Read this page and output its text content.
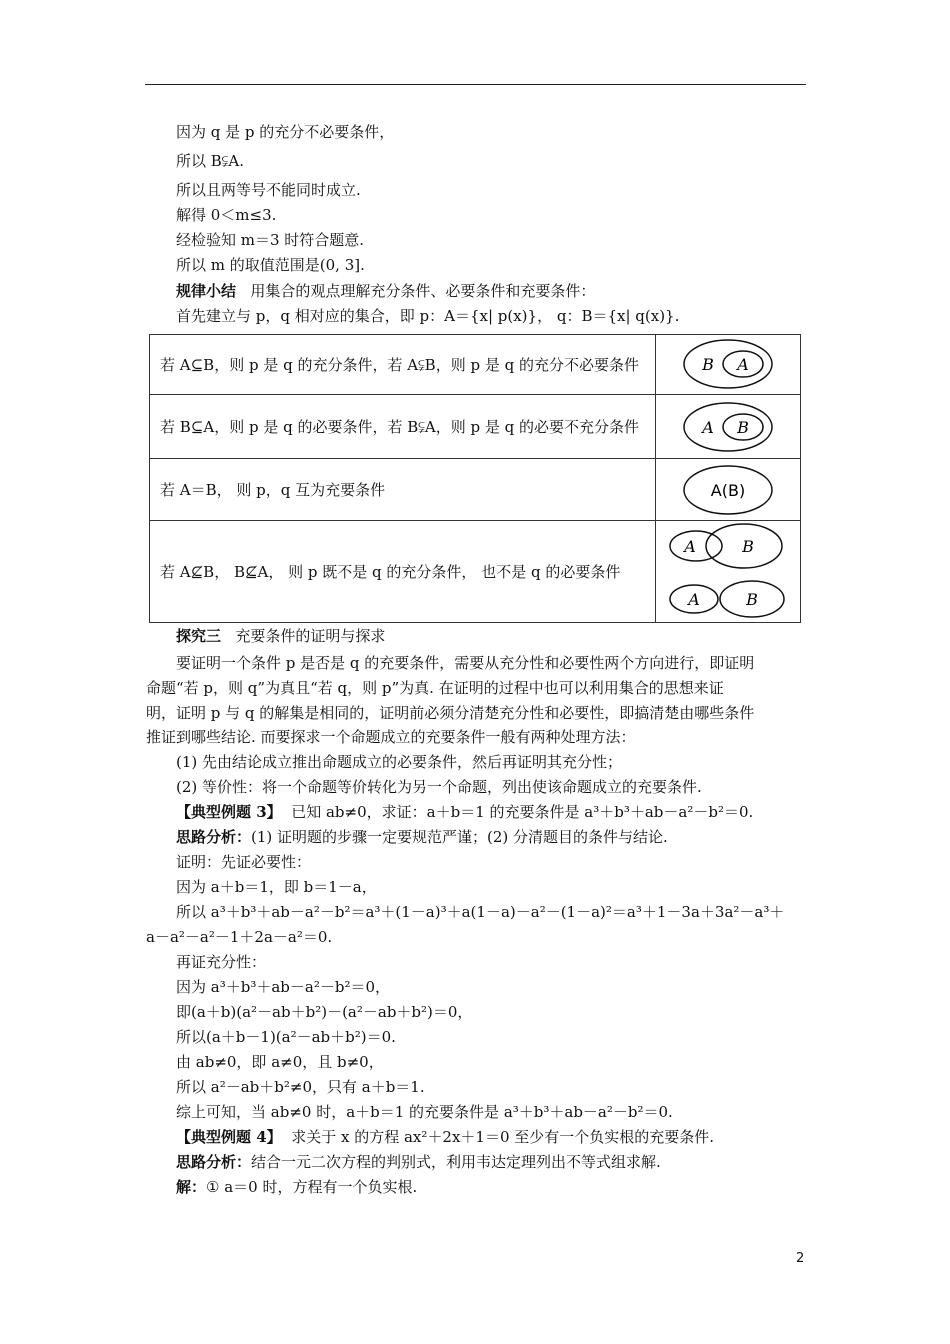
因为 q 是 p 的充分不必要条件，
所以 B⫋A.
所以且两等号不能同时成立.
解得 0＜m≤3.
经检验知 m＝3 时符合题意.
所以 m 的取值范围是(0, 3].
规律小结 用集合的观点理解充分条件、必要条件和充要条件：
首先建立与 p，q 相对应的集合，即 p：A＝{x| p(x)}， q：B＝{x| q(x)}.
若 A⊆B，则 p 是 q 的充分条件，若 A⫋B，则 p 是 q 的充分不必要条件	B A

若 B⊆A，则 p 是 q 的必要条件，若 B⫋A，则 p 是 q 的必要不充分条件	A B

若 A＝B， 则 p，q 互为充要条件	A(B)

若 A⊈B， B⊈A， 则 p 既不是 q 的充分条件， 也不是 q 的必要条件	A B
A B
探究三 充要条件的证明与探求
要证明一个条件 p 是否是 q 的充要条件，需要从充分性和必要性两个方向进行，即证明
命题“若 p，则 q”为真且“若 q，则 p”为真. 在证明的过程中也可以利用集合的思想来证
明，证明 p 与 q 的解集是相同的，证明前必须分清楚充分性和必要性，即搞清楚由哪些条件
推证到哪些结论. 而要探求一个命题成立的充要条件一般有两种处理方法：
(1) 先由结论成立推出命题成立的必要条件，然后再证明其充分性；
(2) 等价性：将一个命题等价转化为另一个命题，列出使该命题成立的充要条件.
【典型例题 3】 已知 ab≠0，求证：a＋b＝1 的充要条件是 a³＋b³＋ab－a²－b²＝0.
思路分析：(1) 证明题的步骤一定要规范严谨；(2) 分清题目的条件与结论.
证明：先证必要性：
因为 a＋b＝1，即 b＝1－a，
所以 a³＋b³＋ab－a²－b²＝a³＋(1－a)³＋a(1－a)－a²－(1－a)²＝a³＋1－3a＋3a²－a³＋
a－a²－a²－1＋2a－a²＝0.
再证充分性：
因为 a³＋b³＋ab－a²－b²＝0，
即(a＋b)(a²－ab＋b²)－(a²－ab＋b²)＝0，
所以(a＋b－1)(a²－ab＋b²)＝0.
由 ab≠0，即 a≠0，且 b≠0，
所以 a²－ab＋b²≠0，只有 a＋b＝1.
综上可知，当 ab≠0 时，a＋b＝1 的充要条件是 a³＋b³＋ab－a²－b²＝0.
【典型例题 4】 求关于 x 的方程 ax²＋2x＋1＝0 至少有一个负实根的充要条件.
思路分析：结合一元二次方程的判别式，利用韦达定理列出不等式组求解.
解：① a＝0 时，方程有一个负实根.
2
